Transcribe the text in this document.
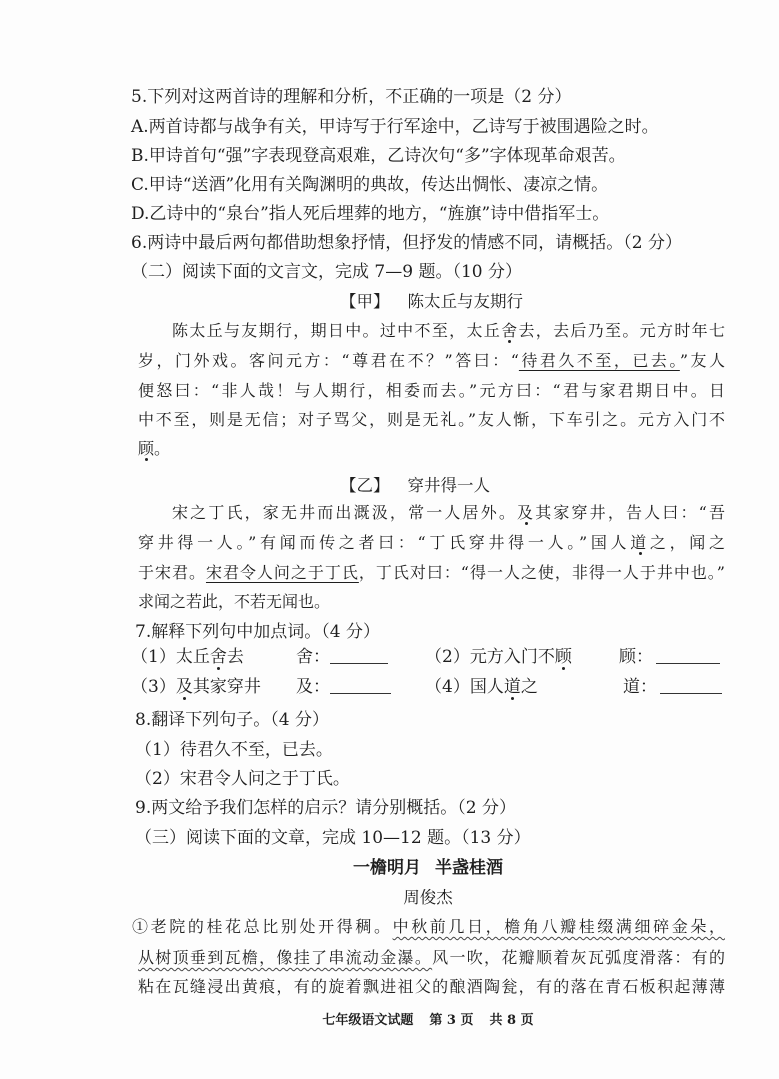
5.下列对这两首诗的理解和分析，不正确的一项是（2 分）
A.两首诗都与战争有关，甲诗写于行军途中，乙诗写于被围遇险之时。
B.甲诗首句“强”字表现登高艰难，乙诗次句“多”字体现革命艰苦。
C.甲诗“送酒”化用有关陶渊明的典故，传达出惆怅、凄凉之情。
D.乙诗中的“泉台”指人死后埋葬的地方，“旌旗”诗中借指军士。
6.两诗中最后两句都借助想象抒情，但抒发的情感不同，请概括。（2 分）
（二）阅读下面的文言文，完成 7—9 题。（10 分）
【甲】 陈太丘与友期行
陈太丘与友期行，期日中。过中不至，太丘舍去，去后乃至。元方时年七
岁，门外戏。客问元方：“尊君在不？”答曰：“待君久不至，已去。”友人
便怒曰：“非人哉！与人期行，相委而去。”元方曰：“君与家君期日中。日
中不至，则是无信；对子骂父，则是无礼。”友人惭，下车引之。元方入门不
顾。
【乙】 穿井得一人
宋之丁氏，家无井而出溉汲，常一人居外。及其家穿井，告人曰：“吾
穿井得一人。”有闻而传之者曰：“丁氏穿井得一人。”国人道之，闻之
于宋君。宋君令人问之于丁氏，丁氏对曰：“得一人之使，非得一人于井中也。”
求闻之若此，不若无闻也。
7.解释下列句中加点词。（4 分）
（1）太丘舍去	舍：	（2）元方入门不顾	顾：
（3）及其家穿井 及：	（4）国人道之	道：
8.翻译下列句子。（4 分）
（1）待君久不至，已去。
（2）宋君令人问之于丁氏。
9.两文给予我们怎样的启示？请分别概括。（2 分）
（三）阅读下面的文章，完成 10—12 题。（13 分）
一檐明月 半盏桂酒
周俊杰
①老院的桂花总比别处开得稠。中秋前几日，檐角八瓣桂缀满细碎金朵，
从树顶垂到瓦檐，像挂了串流动金瀑。风一吹，花瓣顺着灰瓦弧度滑落：有的
粘在瓦缝浸出黄痕，有的旋着飘进祖父的酿酒陶瓮，有的落在青石板积起薄薄
七年级语文试题 第 3 页 共 8 页
